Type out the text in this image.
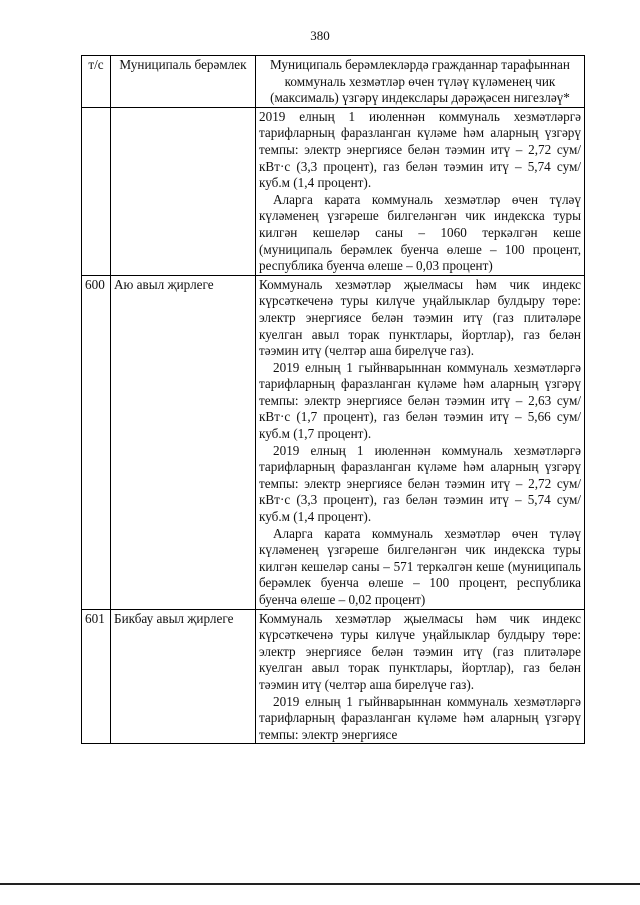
380
т/с	Муниципаль берәмлек	Муниципаль берәмлекләрдә гражданнар тарафыннан коммуналь хезмәтләр өчен түләү күләменең чик (максималь) үзгәрү индекслары дәрәҗәсен нигезләү*

		2019 елның 1 июленнән коммуналь хезмәтләргә тарифларның фаразланган күләме һәм аларның үзгәрү темпы: электр энергиясе белән тәэмин итү – 2,72 сум/кВт·с (3,3 процент), газ белән тәэмин итү – 5,74 сум/куб.м (1,4 процент).

Аларга карата коммуналь хезмәтләр өчен түләү күләменең үзгәреше билгеләнгән чик индекска туры килгән кешеләр саны – 1060 теркәлгән кеше (муниципаль берәмлек буенча өлеше – 100 процент, республика буенча өлеше – 0,03 процент)

600	Аю авыл җирлеге	Коммуналь хезмәтләр җыелмасы һәм чик индекс күрсәткеченә туры килүче уңайлыклар булдыру төре: электр энергиясе белән тәэмин итү (газ плитәләре куелган авыл торак пунктлары, йортлар), газ белән тәэмин итү (челтәр аша бирелүче газ).

2019 елның 1 гыйнварыннан коммуналь хезмәтләргә тарифларның фаразланган күләме һәм аларның үзгәрү темпы: электр энергиясе белән тәэмин итү – 2,63 сум/кВт·с (1,7 процент), газ белән тәэмин итү – 5,66 сум/куб.м (1,7 процент).

2019 елның 1 июленнән коммуналь хезмәтләргә тарифларның фаразланган күләме һәм аларның үзгәрү темпы: электр энергиясе белән тәэмин итү – 2,72 сум/кВт·с (3,3 процент), газ белән тәэмин итү – 5,74 сум/куб.м (1,4 процент).

Аларга карата коммуналь хезмәтләр өчен түләү күләменең үзгәреше билгеләнгән чик индекска туры килгән кешеләр саны – 571 теркәлгән кеше (муниципаль берәмлек буенча өлеше – 100 процент, республика буенча өлеше – 0,02 процент)

601	Бикбау авыл җирлеге	Коммуналь хезмәтләр җыелмасы һәм чик индекс күрсәткеченә туры килүче уңайлыклар булдыру төре: электр энергиясе белән тәэмин итү (газ плитәләре куелган авыл торак пунктлары, йортлар), газ белән тәэмин итү (челтәр аша бирелүче газ).

2019 елның 1 гыйнварыннан коммуналь хезмәтләргә тарифларның фаразланган күләме һәм аларның үзгәрү темпы: электр энергиясе
